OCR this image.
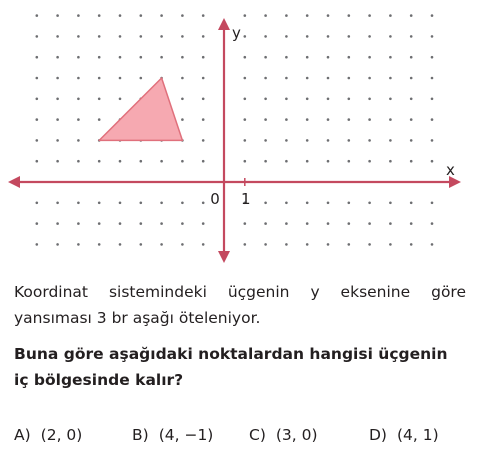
x
y
0 1
Koordinat sistemindeki üçgenin y eksenine göre yansıması 3 br aşağı öteleniyor.
Buna göre aşağıdaki noktalardan hangisi üçgenin iç bölgesinde kalır?
A) (2, 0)	B) (4, −1) C) (3, 0)	D) (4, 1)
